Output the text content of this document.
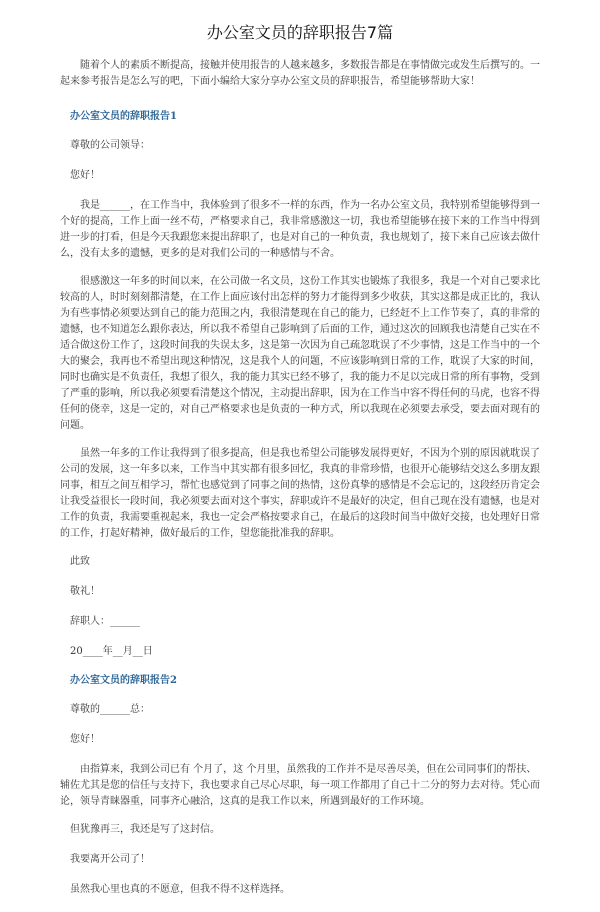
办公室文员的辞职报告7篇

随着个人的素质不断提高，接触并使用报告的人越来越多，多数报告都是在事情做完或发生后撰写的。一起来参考报告是怎么写的吧，下面小编给大家分享办公室文员的辞职报告，希望能够帮助大家！

办公室文员的辞职报告1

尊敬的公司领导：

您好！

我是______，在工作当中，我体验到了很多不一样的东西，作为一名办公室文员，我特别希望能够得到一个好的提高，工作上面一丝不苟，严格要求自己，我非常感激这一切，我也希望能够在接下来的工作当中得到进一步的打看，但是今天我跟您来提出辞职了，也是对自己的一种负责，我也规划了，接下来自己应该去做什么，没有太多的遗憾，更多的是对我们公司的一种感情与不舍。

很感激这一年多的时间以来，在公司做一名文员，这份工作其实也锻炼了我很多，我是一个对自己要求比较高的人，时时刻刻都清楚，在工作上面应该付出怎样的努力才能得到多少收获，其实这都是成正比的，我认为有些事情必须要达到自己的能力范围之内，我很清楚现在自己的能力，已经赶不上工作节奏了，真的非常的遗憾，也不知道怎么跟你表达，所以我不希望自己影响到了后面的工作，通过这次的回顾我也清楚自己实在不适合做这份工作了，这段时间我的失误太多，这是第一次因为自己疏忽耽误了不少事情，这是工作当中的一个大的聚会，我再也不希望出现这种情况，这是我个人的问题，不应该影响到日常的工作，耽误了大家的时间，同时也确实是不负责任，我想了很久，我的能力其实已经不够了，我的能力不足以完成日常的所有事物，受到了严重的影响，所以我必须要看清楚这个情况，主动提出辞职，因为在工作当中容不得任何的马虎，也容不得任何的侥幸，这是一定的，对自己严格要求也是负责的一种方式，所以我现在必须要去承受，要去面对现有的问题。

虽然一年多的工作让我得到了很多提高，但是我也希望公司能够发展得更好，不因为个别的原因就耽误了公司的发展，这一年多以来，工作当中其实都有很多回忆，我真的非常珍惜，也很开心能够结交这么多朋友跟同事，相互之间互相学习，帮忙也感觉到了同事之间的热情，这份真挚的感情是不会忘记的，这段经历肯定会让我受益很长一段时间，我必须要去面对这个事实，辞职或许不是最好的决定，但自己现在没有遗憾，也是对工作的负责，我需要重视起来，我也一定会严格按要求自己，在最后的这段时间当中做好交接，也处理好日常的工作，打起好精神，做好最后的工作，望您能批准我的辞职。

此致

敬礼！

辞职人：______

20____年__月__日

办公室文员的辞职报告2

尊敬的______总：

您好！

由指算来，我到公司已有 个月了，这 个月里，虽然我的工作并不是尽善尽美，但在公司同事们的帮扶、辅佐尤其是您的信任与支持下，我也要求自己尽心尽职，每一项工作都用了自己十二分的努力去对待。凭心而论，领导青睐器重，同事齐心融洽，这真的是我工作以来，所遇到最好的工作环境。

但犹豫再三，我还是写了这封信。

我要离开公司了！

虽然我心里也真的不愿意，但我不得不这样选择。
